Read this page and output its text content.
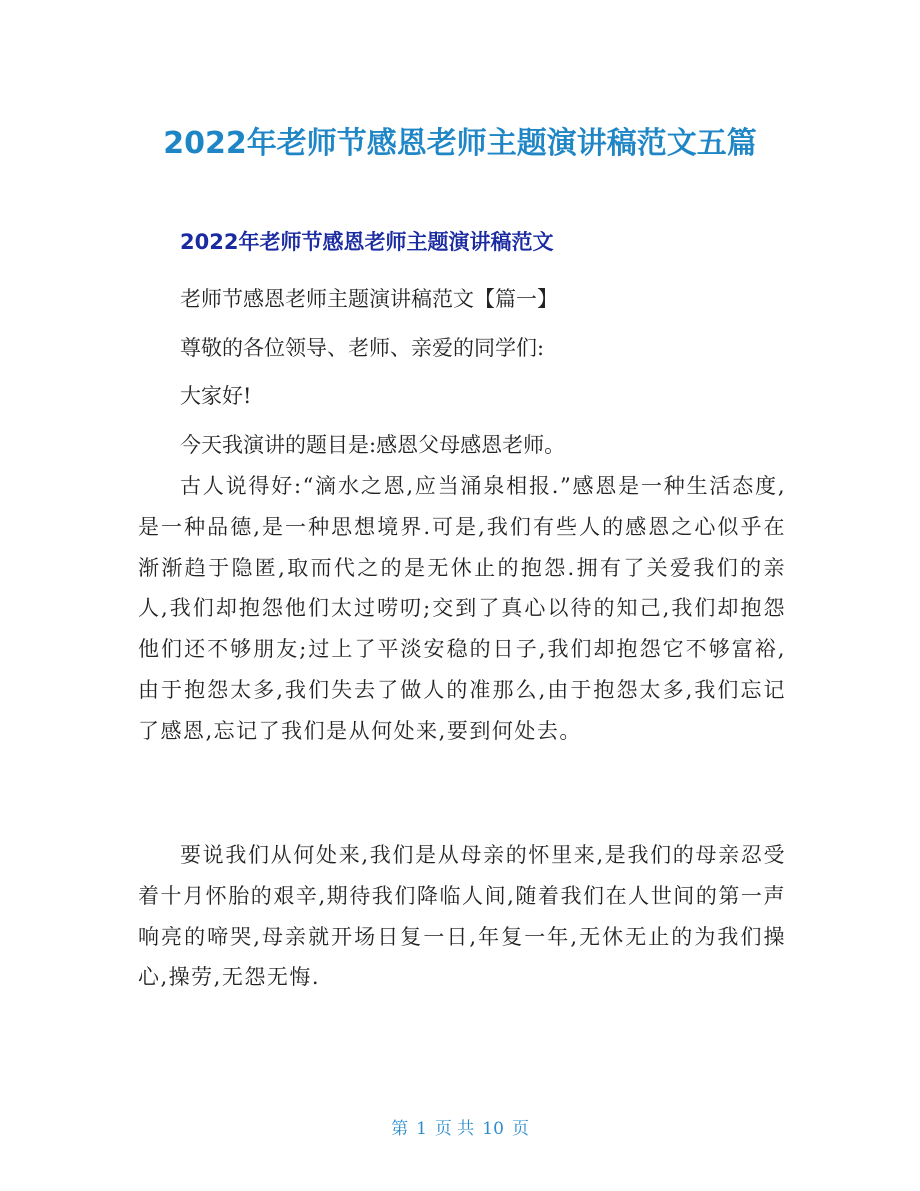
2022年老师节感恩老师主题演讲稿范文五篇
2022年老师节感恩老师主题演讲稿范文
老师节感恩老师主题演讲稿范文【篇一】
尊敬的各位领导、老师、亲爱的同学们:
大家好!
今天我演讲的题目是:感恩父母感恩老师。
古人说得好:“滴水之恩,应当涌泉相报.”感恩是一种生活态度,是一种品德,是一种思想境界.可是,我们有些人的感恩之心似乎在渐渐趋于隐匿,取而代之的是无休止的抱怨.拥有了关爱我们的亲人,我们却抱怨他们太过唠叨;交到了真心以待的知己,我们却抱怨他们还不够朋友;过上了平淡安稳的日子,我们却抱怨它不够富裕,由于抱怨太多,我们失去了做人的准那么,由于抱怨太多,我们忘记了感恩,忘记了我们是从何处来,要到何处去。
要说我们从何处来,我们是从母亲的怀里来,是我们的母亲忍受着十月怀胎的艰辛,期待我们降临人间,随着我们在人世间的第一声响亮的啼哭,母亲就开场日复一日,年复一年,无休无止的为我们操心,操劳,无怨无悔.
第 1 页 共 10 页
